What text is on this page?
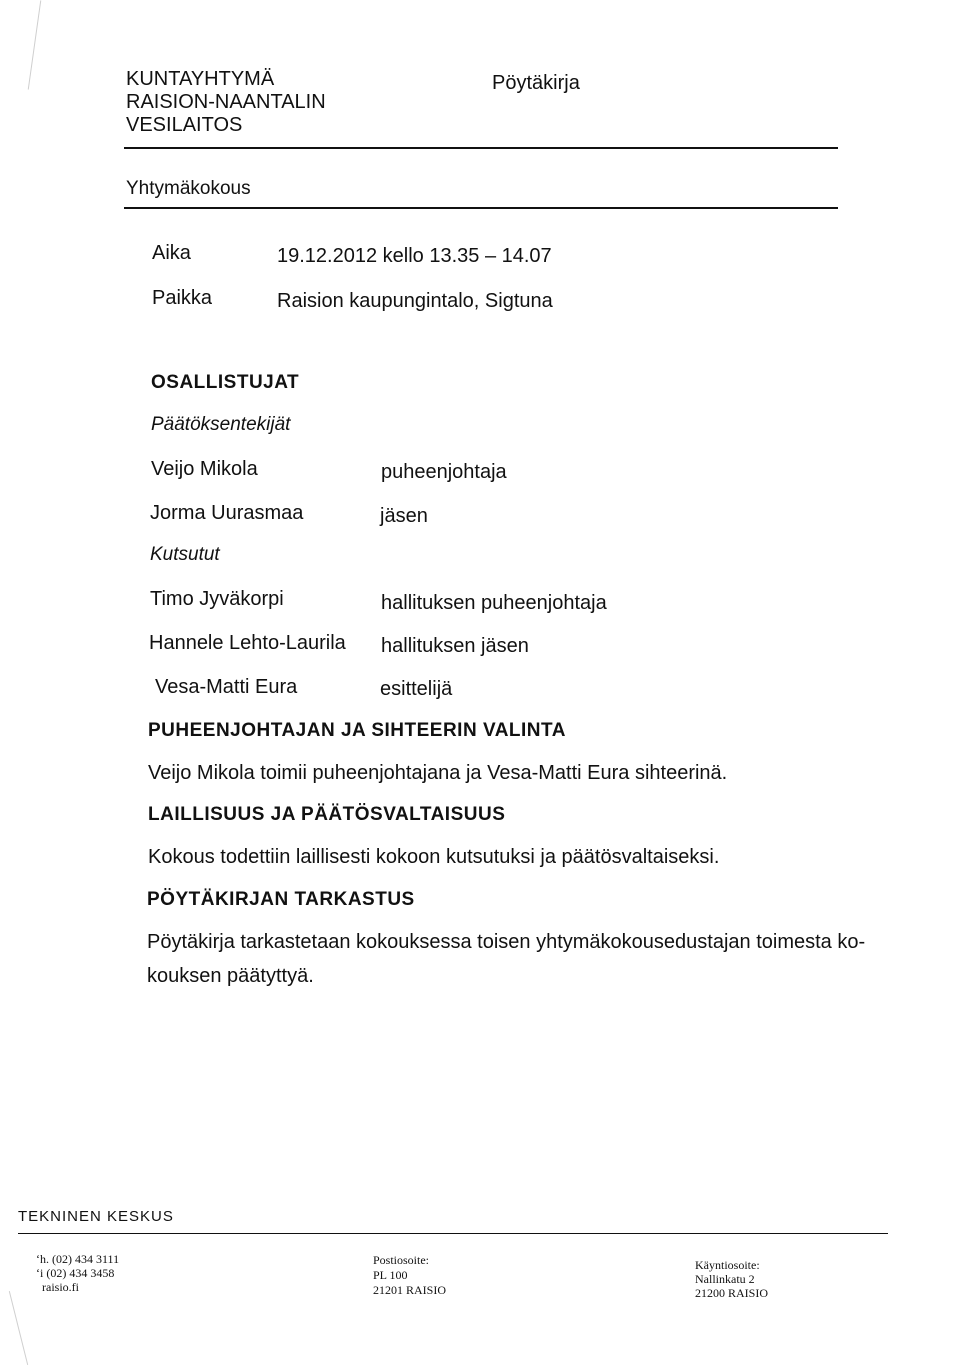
KUNTAYHTYMÄ
RAISION-NAANTALIN
VESILAITOS
Pöytäkirja
Yhtymäkokous
Aika	19.12.2012 kello 13.35 – 14.07
Paikka	Raision kaupungintalo, Sigtuna
OSALLISTUJAT
Päätöksentekijät
Veijo Mikola	puheenjohtaja
Jorma Uurasmaa	jäsen
Kutsutut
Timo Jyväkorpi	hallituksen puheenjohtaja
Hannele Lehto-Laurila hallituksen jäsen
Vesa-Matti Eura	esittelijä
PUHEENJOHTAJAN JA SIHTEERIN VALINTA
Veijo Mikola toimii puheenjohtajana ja Vesa-Matti Eura sihteerinä.
LAILLISUUS JA PÄÄTÖSVALTAISUUS
Kokous todettiin laillisesti kokoon kutsutuksi ja päätösvaltaiseksi.
PÖYTÄKIRJAN TARKASTUS
Pöytäkirja tarkastetaan kokouksessa toisen yhtymäkokousedustajan toimesta ko-
kouksen päätyttyä.
TEKNINEN KESKUS
ʻh. (02) 434 3111
ʻi (02) 434 3458
raisio.fi
Postiosoite:
PL 100
21201 RAISIO
Käyntiosoite:
Nallinkatu 2
21200 RAISIO
